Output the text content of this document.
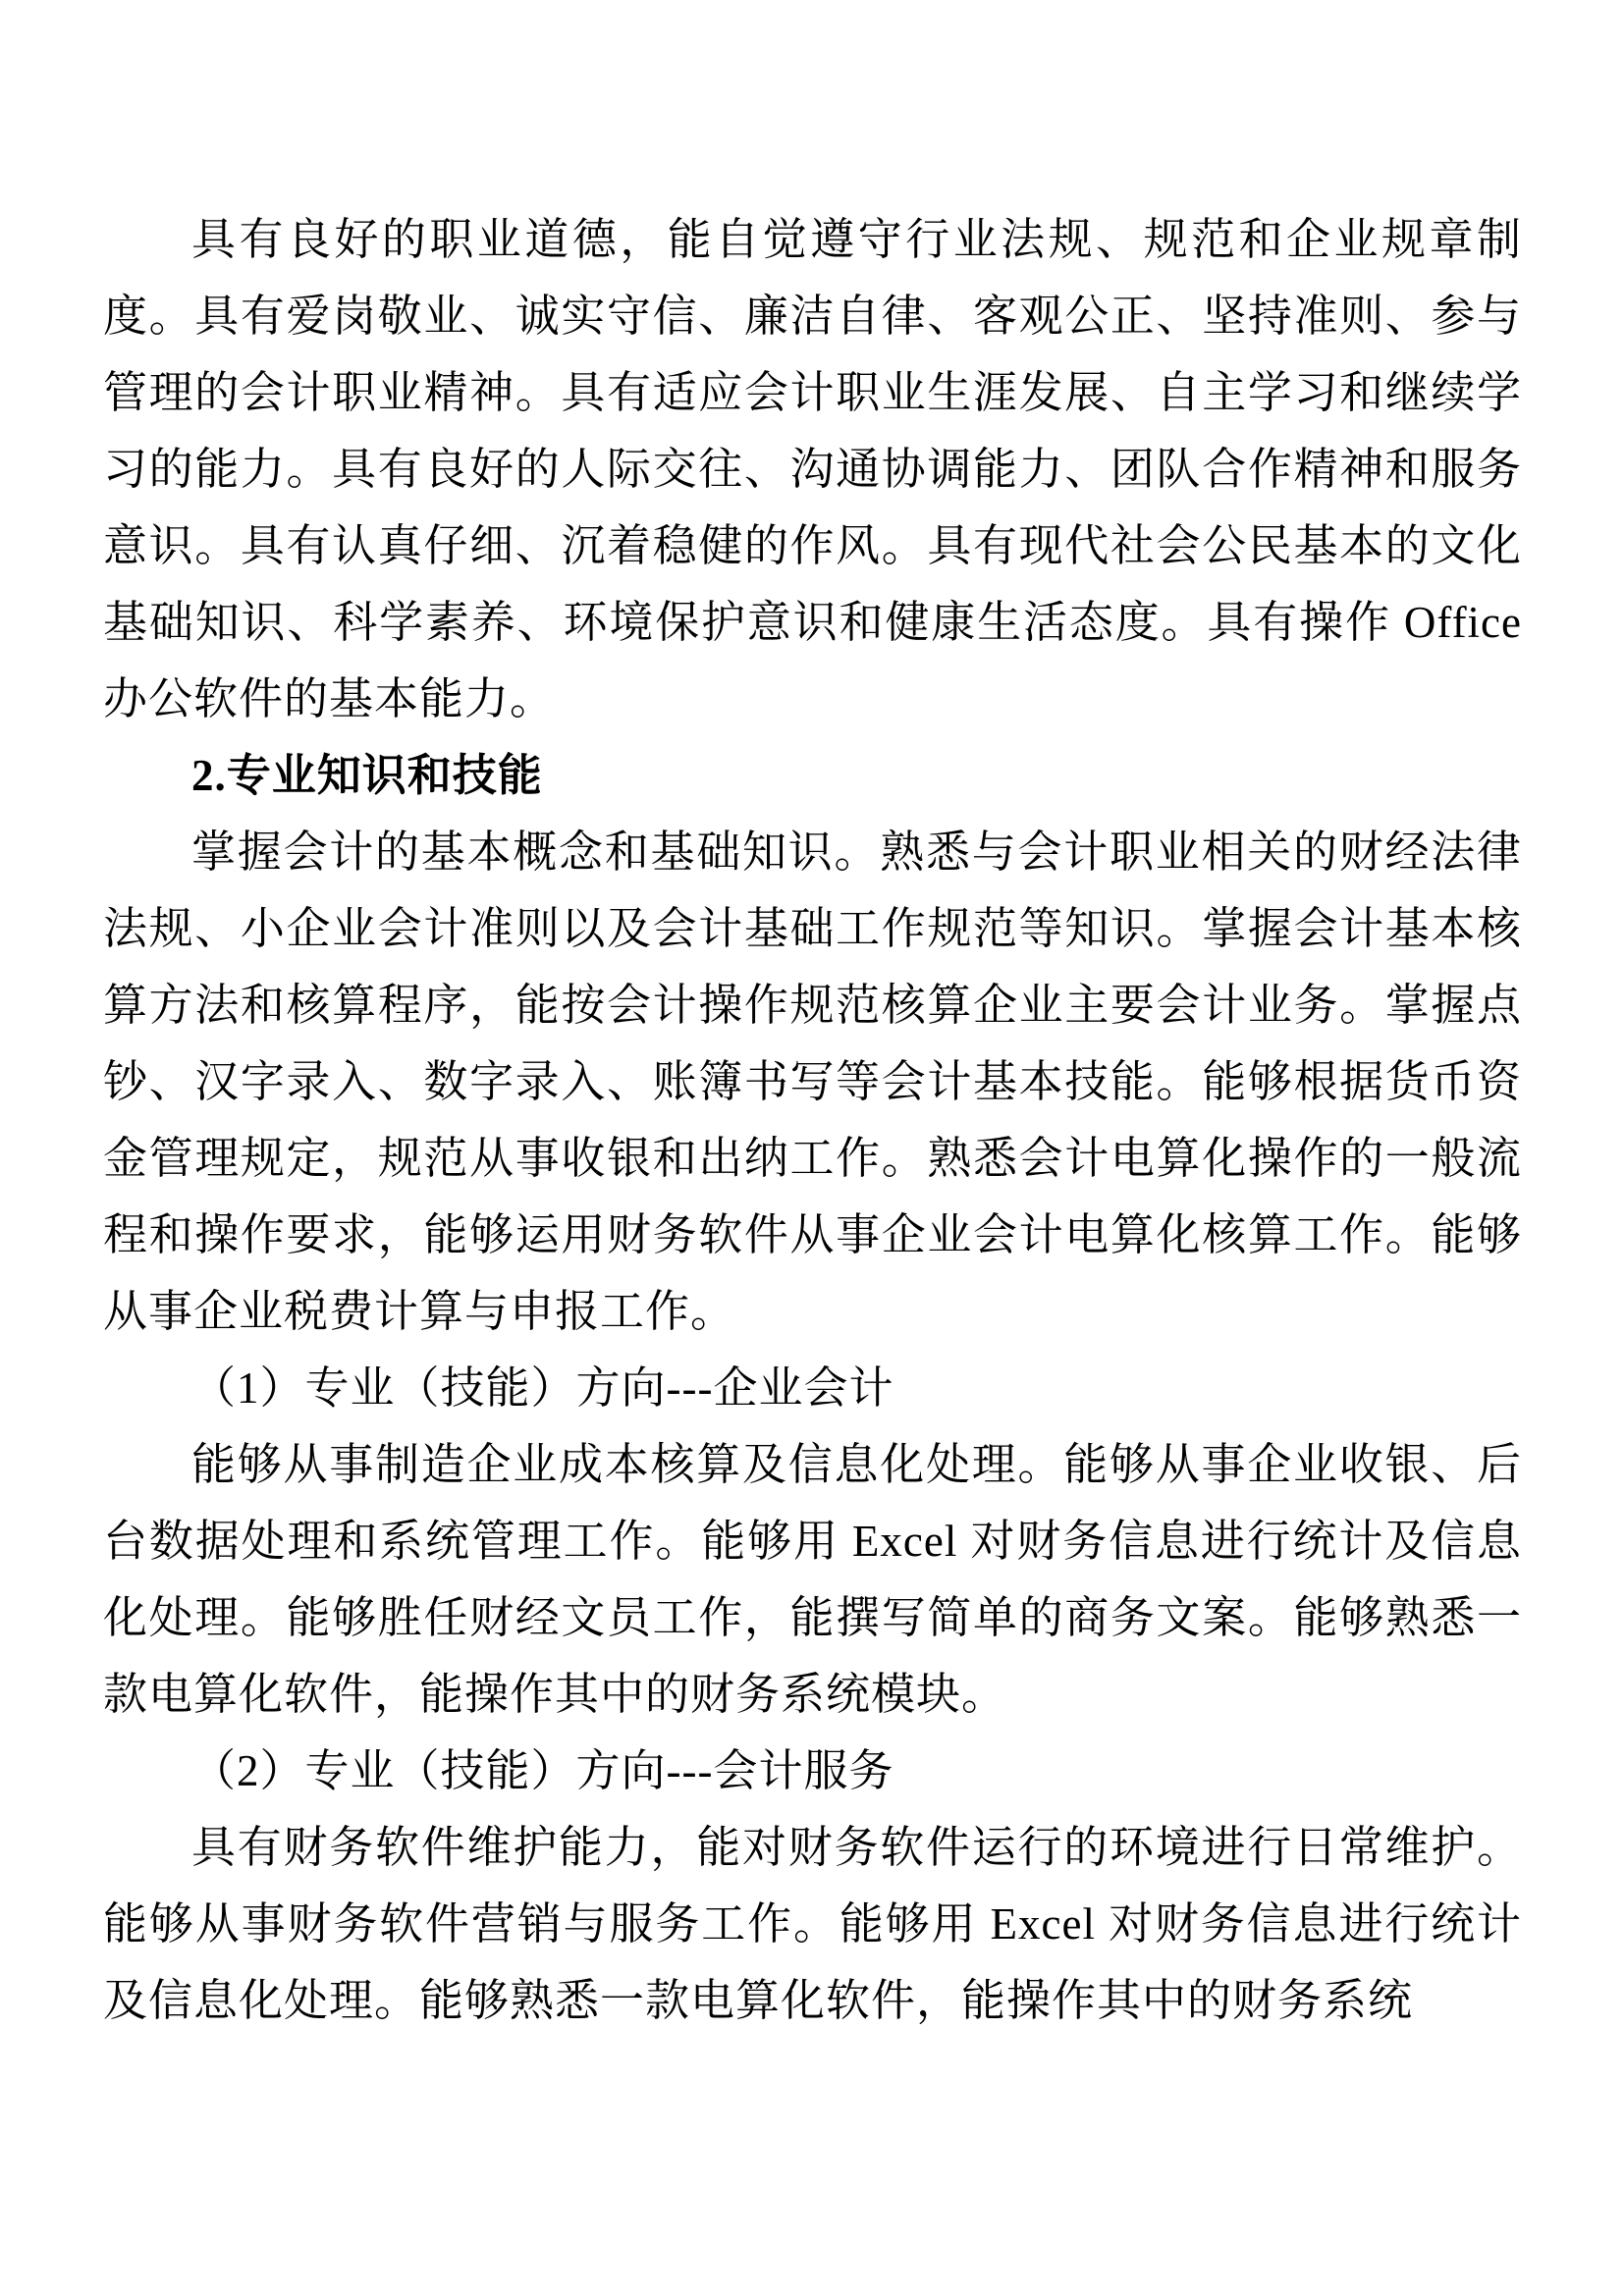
具有良好的职业道德，能自觉遵守行业法规、规范和企业规章制度。具有爱岗敬业、诚实守信、廉洁自律、客观公正、坚持准则、参与管理的会计职业精神。具有适应会计职业生涯发展、自主学习和继续学习的能力。具有良好的人际交往、沟通协调能力、团队合作精神和服务意识。具有认真仔细、沉着稳健的作风。具有现代社会公民基本的文化基础知识、科学素养、环境保护意识和健康生活态度。具有操作 Office 办公软件的基本能力。

2.专业知识和技能

掌握会计的基本概念和基础知识。熟悉与会计职业相关的财经法律法规、小企业会计准则以及会计基础工作规范等知识。掌握会计基本核算方法和核算程序，能按会计操作规范核算企业主要会计业务。掌握点钞、汉字录入、数字录入、账簿书写等会计基本技能。能够根据货币资金管理规定，规范从事收银和出纳工作。熟悉会计电算化操作的一般流程和操作要求，能够运用财务软件从事企业会计电算化核算工作。能够从事企业税费计算与申报工作。

（1）专业（技能）方向---企业会计

能够从事制造企业成本核算及信息化处理。能够从事企业收银、后台数据处理和系统管理工作。能够用 Excel 对财务信息进行统计及信息化处理。能够胜任财经文员工作，能撰写简单的商务文案。能够熟悉一款电算化软件，能操作其中的财务系统模块。

（2）专业（技能）方向---会计服务

具有财务软件维护能力，能对财务软件运行的环境进行日常维护。能够从事财务软件营销与服务工作。能够用 Excel 对财务信息进行统计及信息化处理。能够熟悉一款电算化软件，能操作其中的财务系统
